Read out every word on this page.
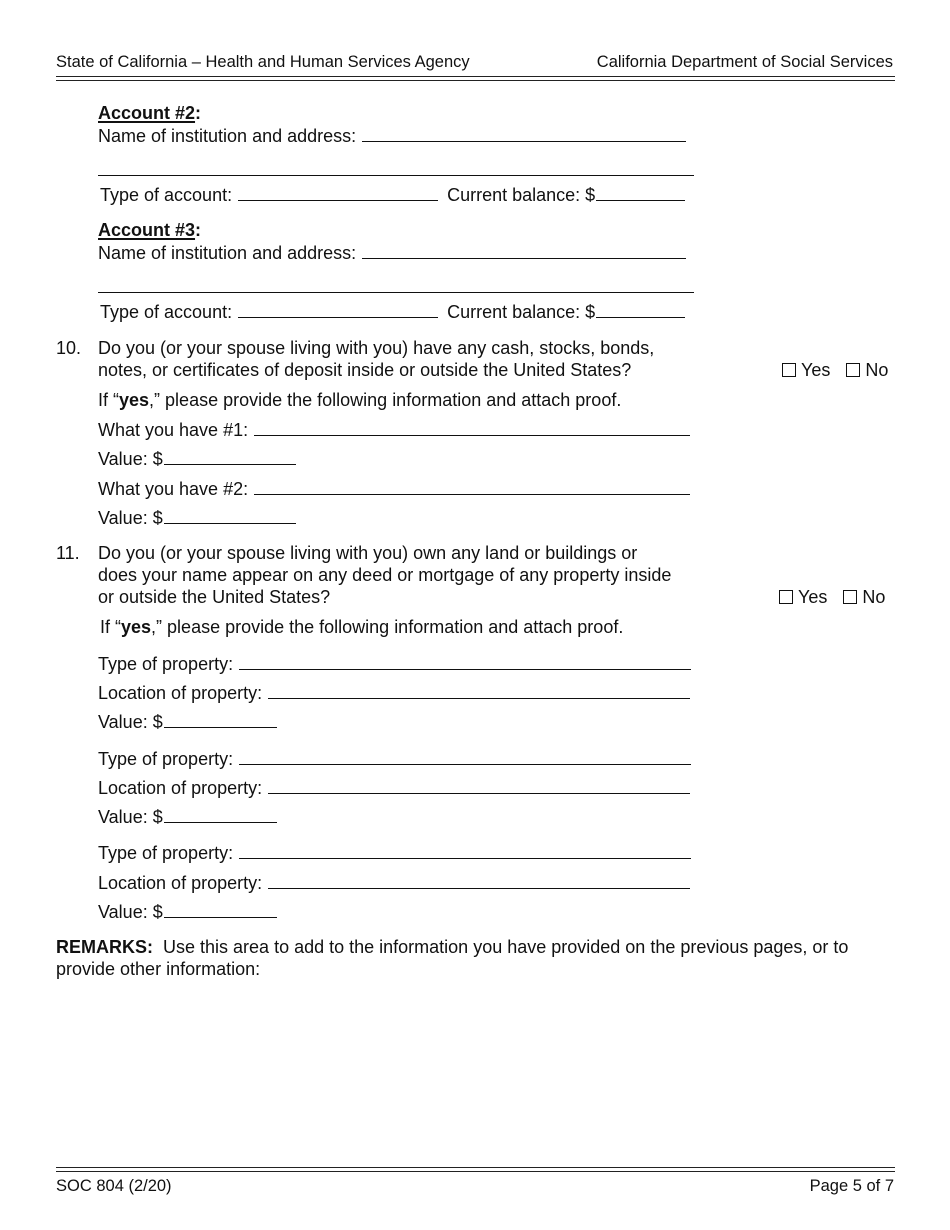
State of California – Health and Human Services Agency	California Department of Social Services
Account #2:
Name of institution and address:
Type of account:	Current balance: $
Account #3:
Name of institution and address:
Type of account:	Current balance: $
10. Do you (or your spouse living with you) have any cash, stocks, bonds,
notes, or certificates of deposit inside or outside the United States?	Yes No
If “yes,” please provide the following information and attach proof.
What you have #1:
Value: $
What you have #2:
Value: $
11. Do you (or your spouse living with you) own any land or buildings or
does your name appear on any deed or mortgage of any property inside
or outside the United States?	Yes No
If “yes,” please provide the following information and attach proof.
Type of property:
Location of property:
Value: $
Type of property:
Location of property:
Value: $
Type of property:
Location of property:
Value: $
REMARKS: Use this area to add to the information you have provided on the previous pages, or to
provide other information:
SOC 804 (2/20)	Page 5 of 7
